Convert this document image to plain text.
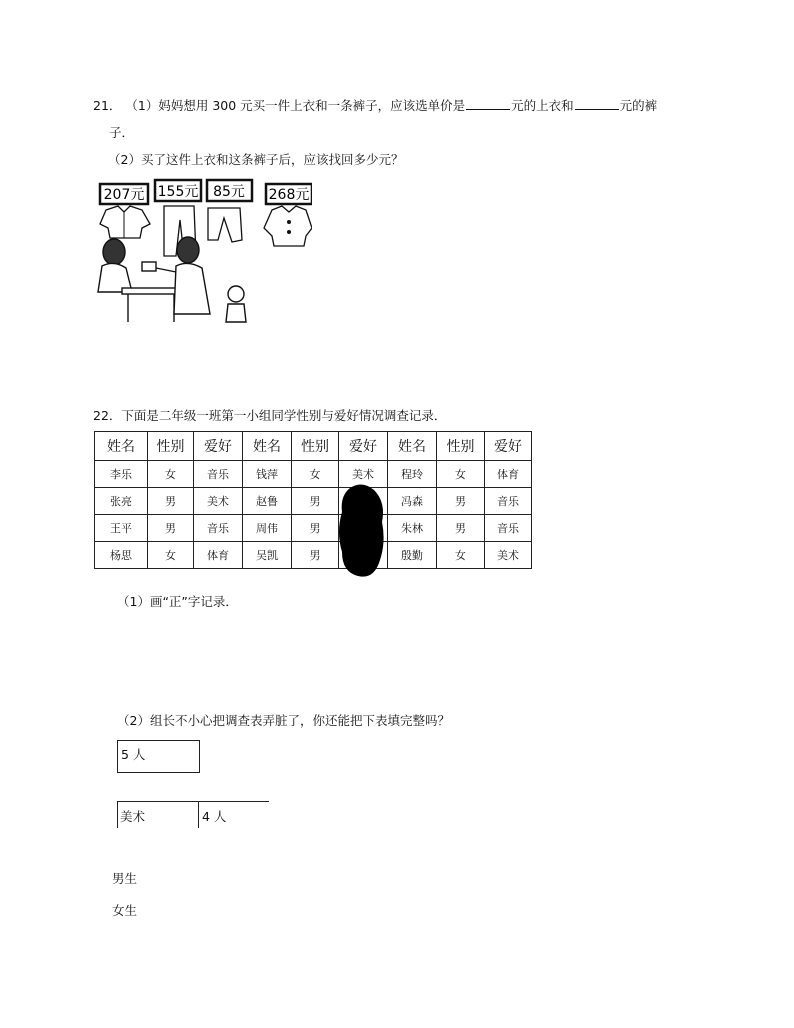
21． （1）妈妈想用 300 元买一件上衣和一条裤子，应该选单价是	元的上衣和	元的裤
子．
（2）买了这件上衣和这条裤子后，应该找回多少元？
207元 155元 85元 268元
22．下面是二年级一班第一小组同学性别与爱好情况调查记录．
姓名	性别	爱好	姓名	性别	爱好	姓名	性别	爱好
李乐	女	音乐	钱萍	女	美术	程玲	女	体育
张亮	男	美术	赵鲁	男		冯森	男	音乐
王平	男	音乐	周伟	男		朱林	男	音乐
杨思	女	体育	吴凯	男		殷勤	女	美术
（1）画“正”字记录．
（2）组长不小心把调查表弄脏了，你还能把下表填完整吗？
5 人
美术	4 人
男生
女生
